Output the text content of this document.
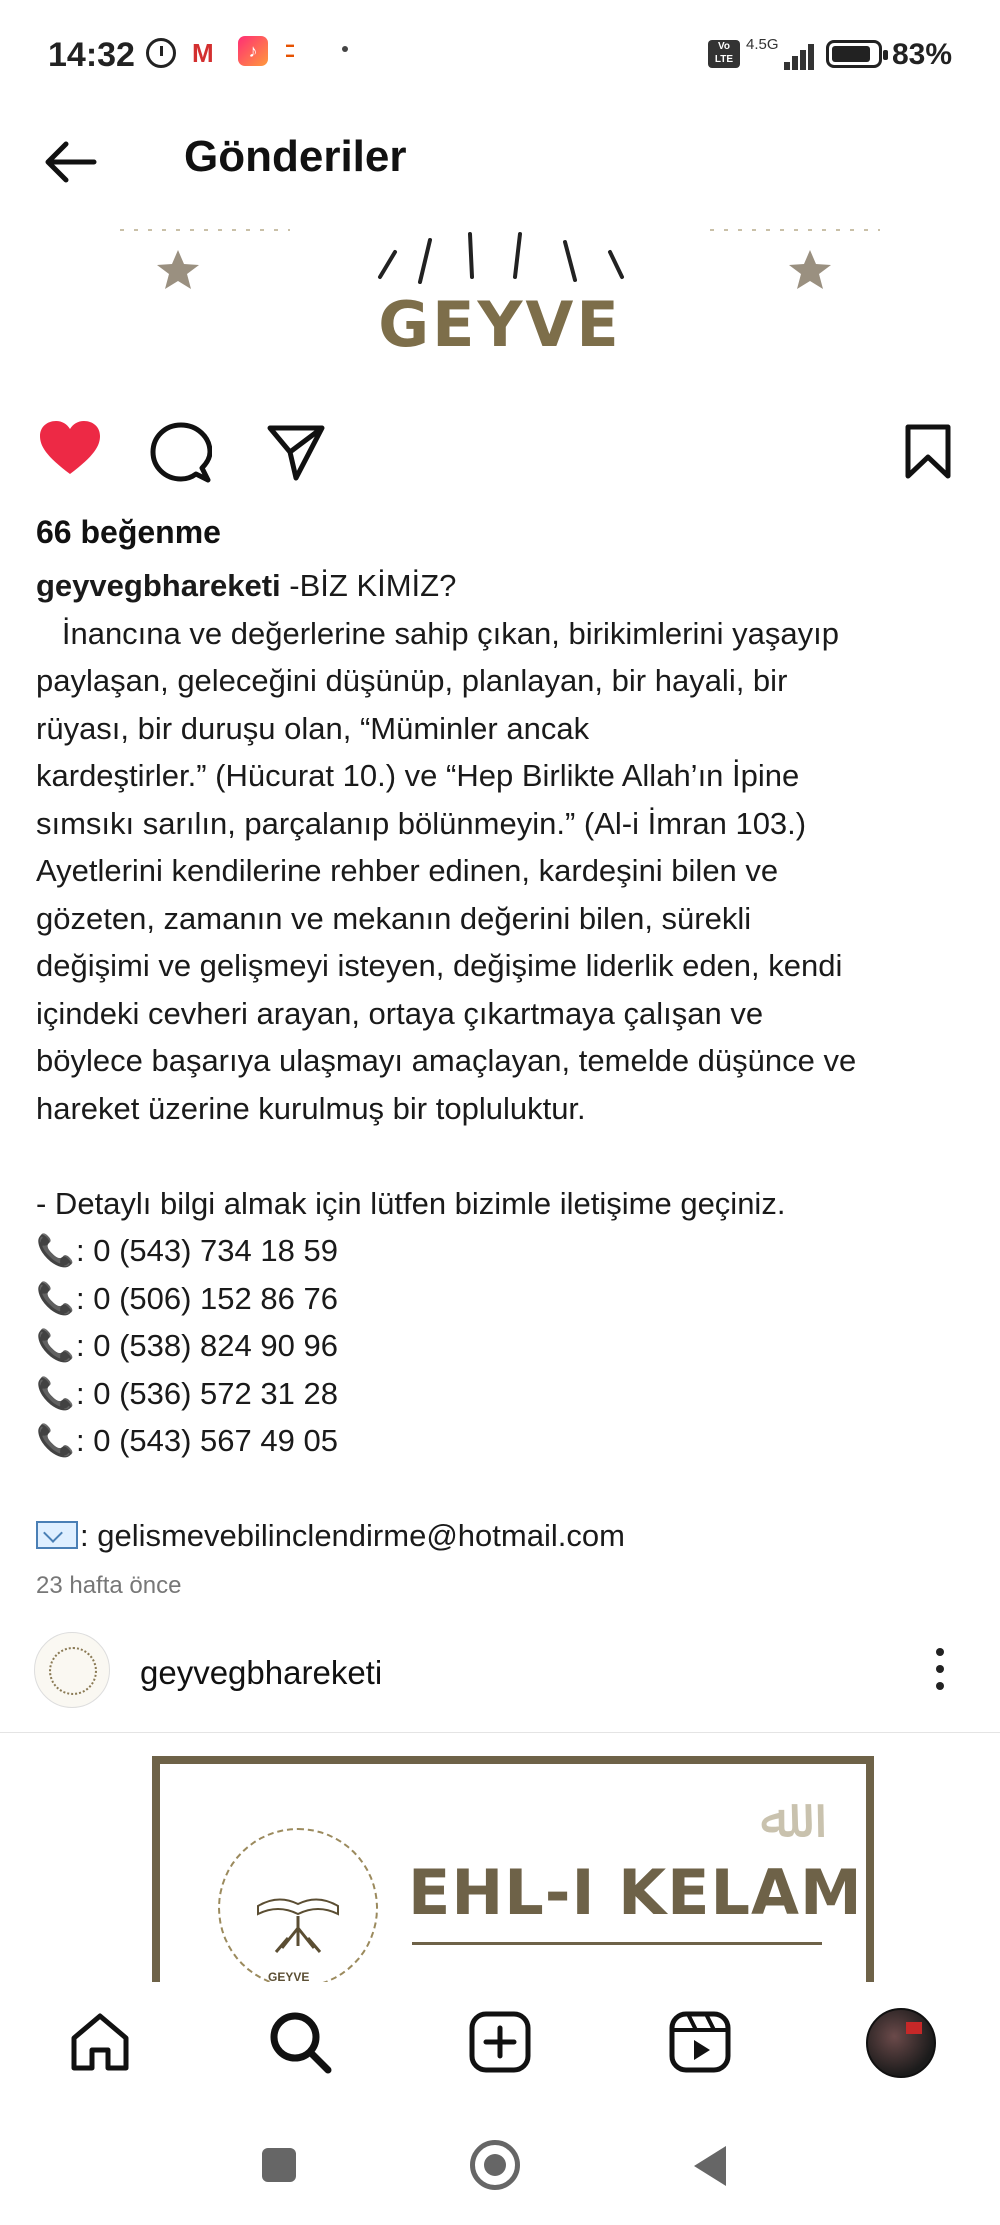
14:32 M	♪	▬
▬
Vo LTE
4.5G	83%
Gönderiler
GEYVE
66 beğenme
geyvegbhareketi -BİZ KİMİZ?
İnancına ve değerlerine sahip çıkan, birikimlerini yaşayıp
paylaşan, geleceğini düşünüp, planlayan, bir hayali, bir
rüyası, bir duruşu olan, “Müminler ancak
kardeştirler.” (Hücurat 10.) ve “Hep Birlikte Allah’ın İpine
sımsıkı sarılın, parçalanıp bölünmeyin.” (Al-i İmran 103.)
Ayetlerini kendilerine rehber edinen, kardeşini bilen ve
gözeten, zamanın ve mekanın değerini bilen, sürekli
değişimi ve gelişmeyi isteyen, değişime liderlik eden, kendi
içindeki cevheri arayan, ortaya çıkartmaya çalışan ve
böylece başarıya ulaşmayı amaçlayan, temelde düşünce ve
hareket üzerine kurulmuş bir topluluktur.

- Detaylı bilgi almak için lütfen bizimle iletişime geçiniz.

📞: 0 (543) 734 18 59
📞: 0 (506) 152 86 76
📞: 0 (538) 824 90 96
📞: 0 (536) 572 31 28
📞: 0 (543) 567 49 05

: gelismevebilinclendirme@hotmail.com
23 hafta önce
geyvegbhareketi
GEYVE
ﷲ
EHL-I KELAM
